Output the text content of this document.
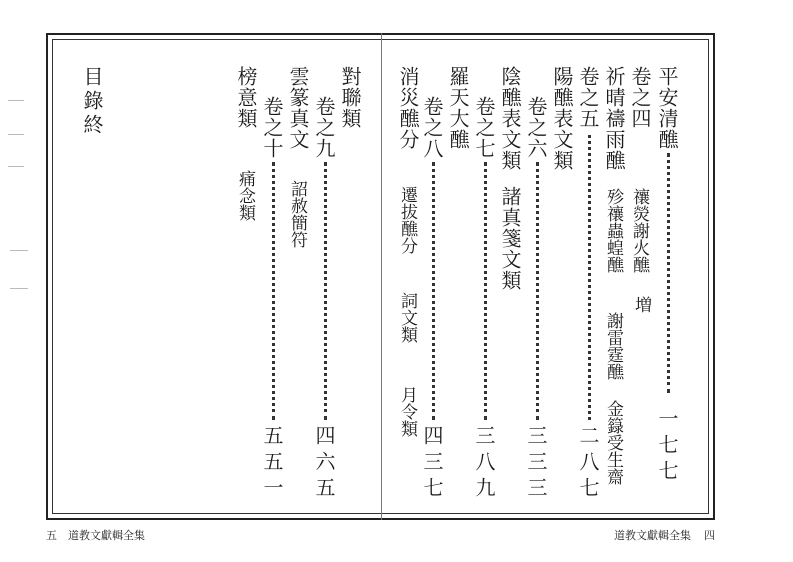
平安清醮
一七七
卷之四
禳熒謝火醮
増
祈晴禱雨醮
殄禳蟲蝗醮
謝雷霆醮
金籙受生齋
卷之五
二八七
陽醮表文類
卷之六
三三三
陰醮表文類
諸真箋文類
卷之七
三八九
羅天大醮
卷之八
四三七
消災醮分
遷拔醮分
詞文類
月令類
對聯類
卷之九
四六五
雲篆真文
詔赦簡符
榜意類 卷之十
五五一
痛念類
目錄終
五 道教文獻輯全集	道教文獻輯全集 四
